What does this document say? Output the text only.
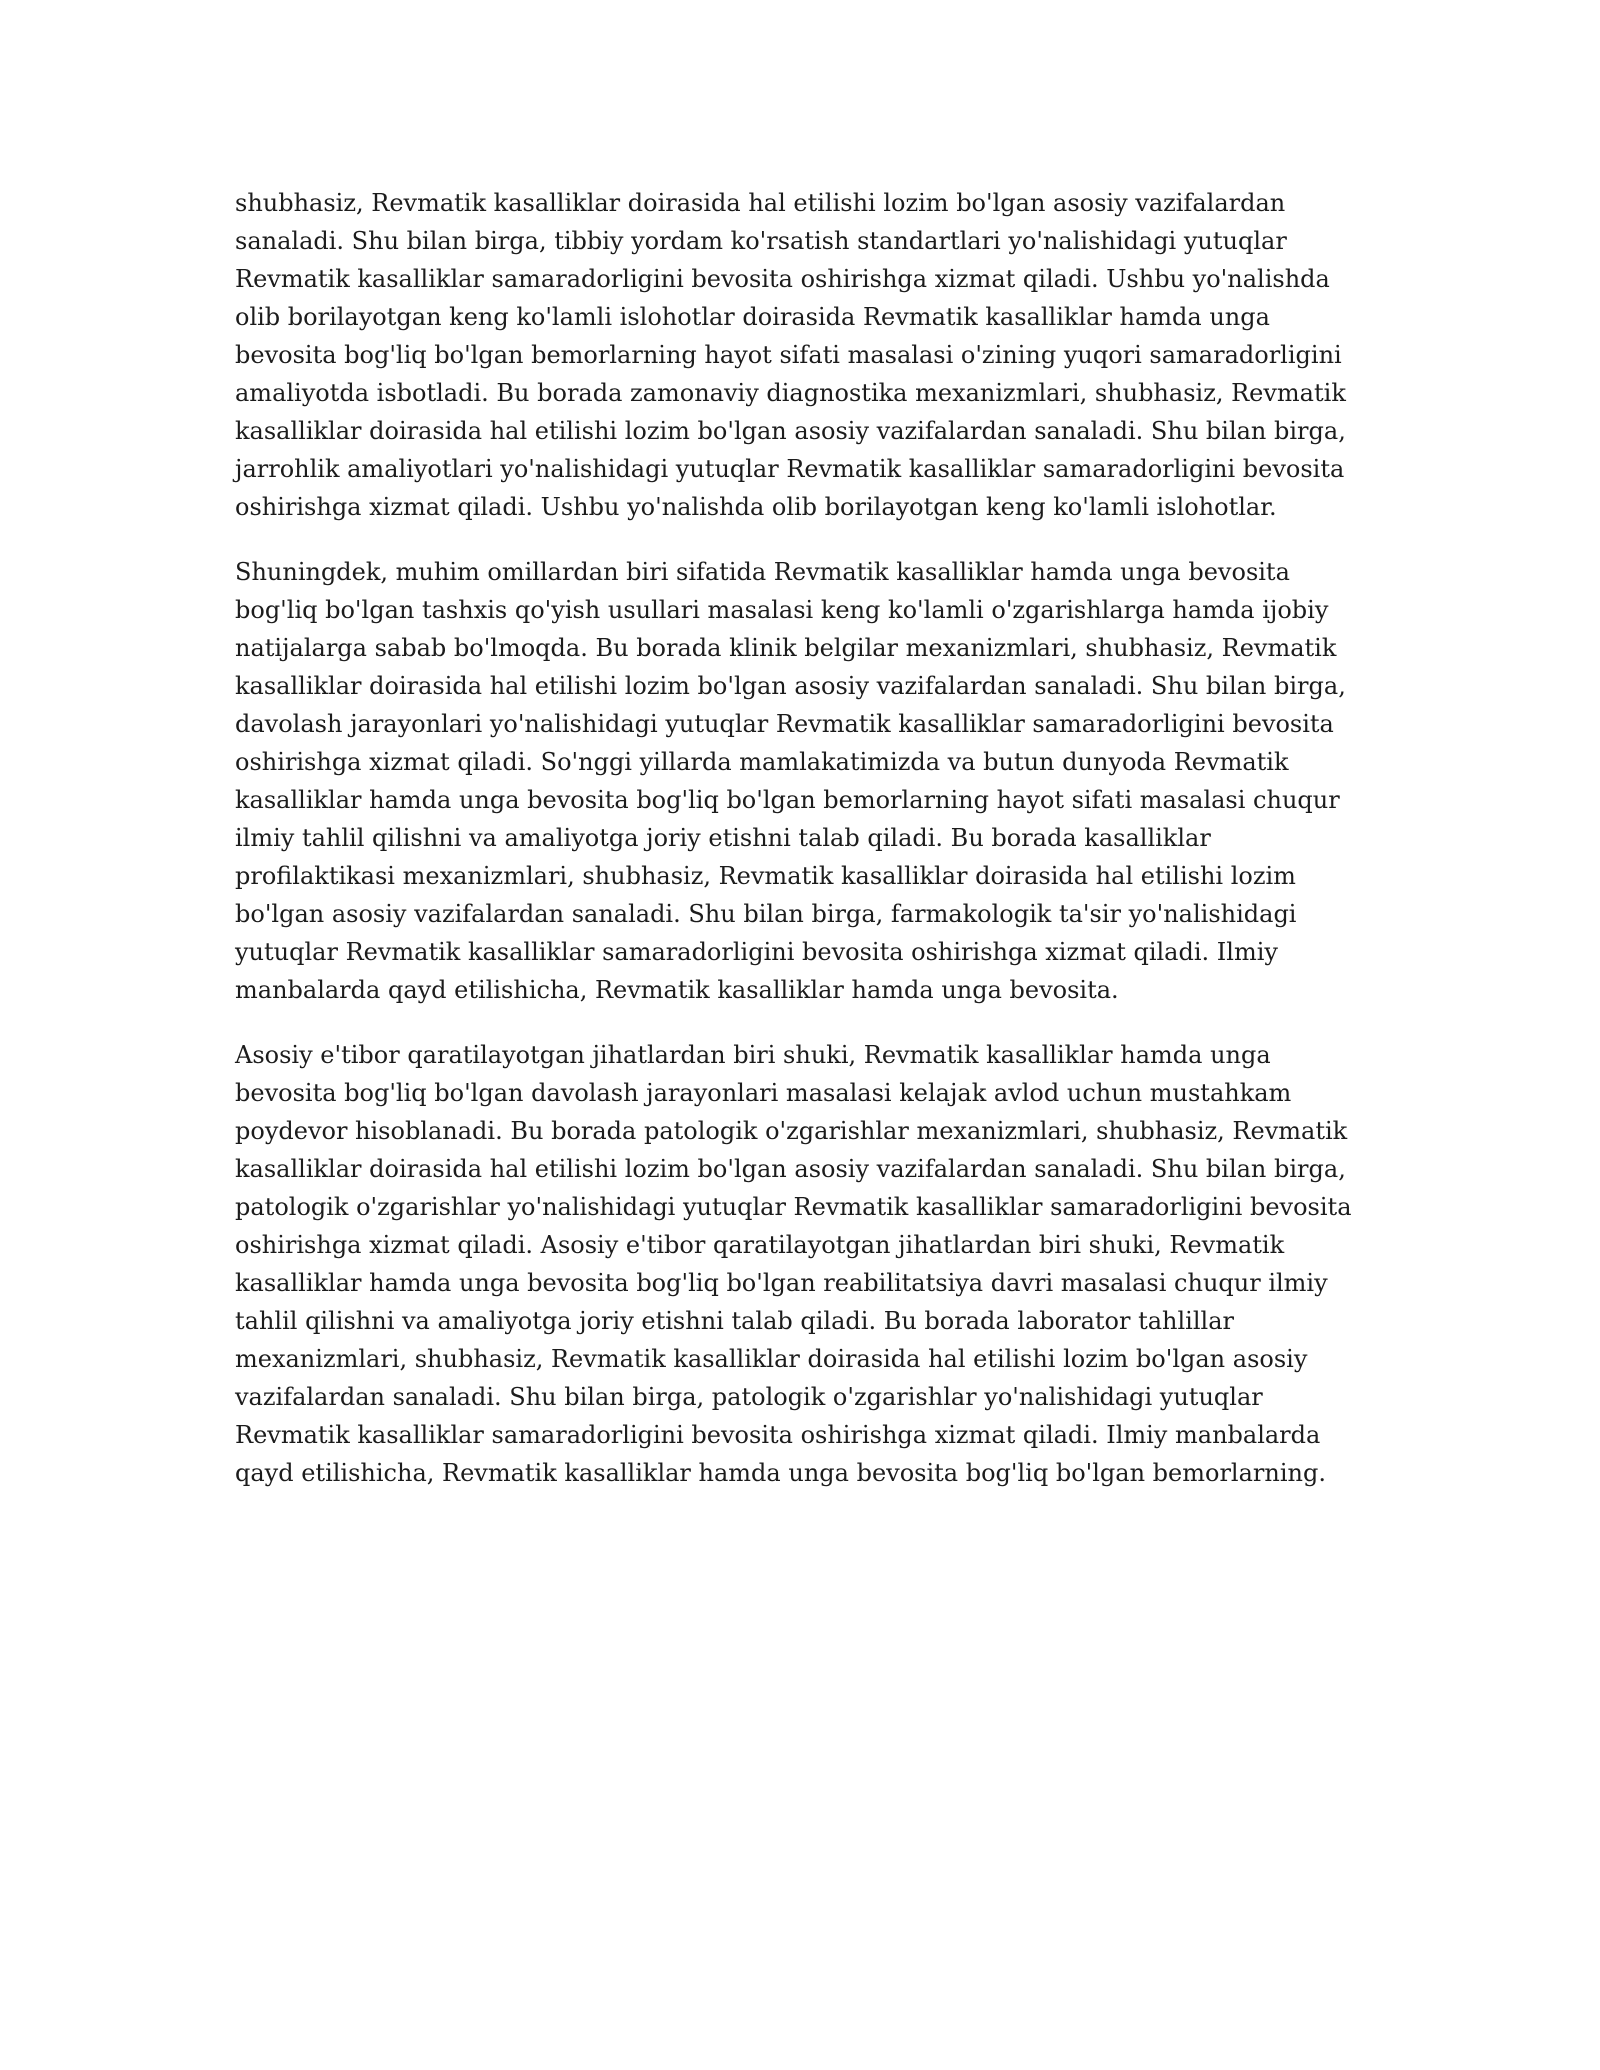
shubhasiz, Revmatik kasalliklar doirasida hal etilishi lozim bo'lgan asosiy vazifalardan sanaladi. Shu bilan birga, tibbiy yordam ko'rsatish standartlari yo'nalishidagi yutuqlar Revmatik kasalliklar samaradorligini bevosita oshirishga xizmat qiladi. Ushbu yo'nalishda olib borilayotgan keng ko'lamli islohotlar doirasida Revmatik kasalliklar hamda unga bevosita bog'liq bo'lgan bemorlarning hayot sifati masalasi o'zining yuqori samaradorligini amaliyotda isbotladi. Bu borada zamonaviy diagnostika mexanizmlari, shubhasiz, Revmatik kasalliklar doirasida hal etilishi lozim bo'lgan asosiy vazifalardan sanaladi. Shu bilan birga, jarrohlik amaliyotlari yo'nalishidagi yutuqlar Revmatik kasalliklar samaradorligini bevosita oshirishga xizmat qiladi. Ushbu yo'nalishda olib borilayotgan keng ko'lamli islohotlar.

Shuningdek, muhim omillardan biri sifatida Revmatik kasalliklar hamda unga bevosita bog'liq bo'lgan tashxis qo'yish usullari masalasi keng ko'lamli o'zgarishlarga hamda ijobiy natijalarga sabab bo'lmoqda. Bu borada klinik belgilar mexanizmlari, shubhasiz, Revmatik kasalliklar doirasida hal etilishi lozim bo'lgan asosiy vazifalardan sanaladi. Shu bilan birga, davolash jarayonlari yo'nalishidagi yutuqlar Revmatik kasalliklar samaradorligini bevosita oshirishga xizmat qiladi. So'nggi yillarda mamlakatimizda va butun dunyoda Revmatik kasalliklar hamda unga bevosita bog'liq bo'lgan bemorlarning hayot sifati masalasi chuqur ilmiy tahlil qilishni va amaliyotga joriy etishni talab qiladi. Bu borada kasalliklar profilaktikasi mexanizmlari, shubhasiz, Revmatik kasalliklar doirasida hal etilishi lozim bo'lgan asosiy vazifalardan sanaladi. Shu bilan birga, farmakologik ta'sir yo'nalishidagi yutuqlar Revmatik kasalliklar samaradorligini bevosita oshirishga xizmat qiladi. Ilmiy manbalarda qayd etilishicha, Revmatik kasalliklar hamda unga bevosita.

Asosiy e'tibor qaratilayotgan jihatlardan biri shuki, Revmatik kasalliklar hamda unga bevosita bog'liq bo'lgan davolash jarayonlari masalasi kelajak avlod uchun mustahkam poydevor hisoblanadi. Bu borada patologik o'zgarishlar mexanizmlari, shubhasiz, Revmatik kasalliklar doirasida hal etilishi lozim bo'lgan asosiy vazifalardan sanaladi. Shu bilan birga, patologik o'zgarishlar yo'nalishidagi yutuqlar Revmatik kasalliklar samaradorligini bevosita oshirishga xizmat qiladi. Asosiy e'tibor qaratilayotgan jihatlardan biri shuki, Revmatik kasalliklar hamda unga bevosita bog'liq bo'lgan reabilitatsiya davri masalasi chuqur ilmiy tahlil qilishni va amaliyotga joriy etishni talab qiladi. Bu borada laborator tahlillar mexanizmlari, shubhasiz, Revmatik kasalliklar doirasida hal etilishi lozim bo'lgan asosiy vazifalardan sanaladi. Shu bilan birga, patologik o'zgarishlar yo'nalishidagi yutuqlar Revmatik kasalliklar samaradorligini bevosita oshirishga xizmat qiladi. Ilmiy manbalarda qayd etilishicha, Revmatik kasalliklar hamda unga bevosita bog'liq bo'lgan bemorlarning.
